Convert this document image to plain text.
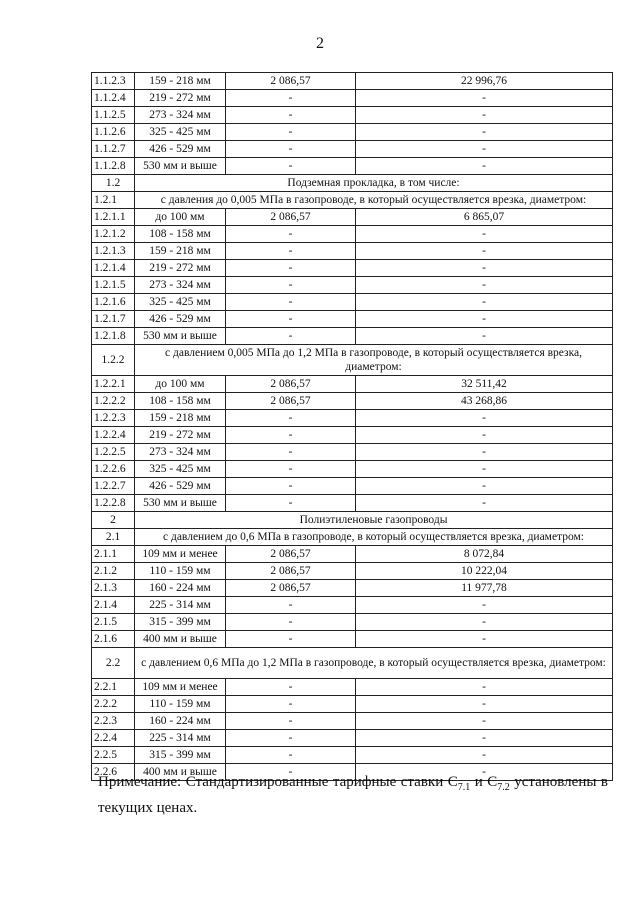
2
1.1.2.3	159 - 218 мм	2 086,57	22 996,76
1.1.2.4	219 - 272 мм	-	-
1.1.2.5	273 - 324 мм	-	-
1.1.2.6	325 - 425 мм	-	-
1.1.2.7	426 - 529 мм	-	-
1.1.2.8	530 мм и выше	-	-
1.2	Подземная прокладка, в том числе:		
1.2.1	с давления до 0,005 МПа в газопроводе, в который осуществляется врезка, диаметром:		
1.2.1.1	до 100 мм	2 086,57	6 865,07
1.2.1.2	108 - 158 мм	-	-
1.2.1.3	159 - 218 мм	-	-
1.2.1.4	219 - 272 мм	-	-
1.2.1.5	273 - 324 мм	-	-
1.2.1.6	325 - 425 мм	-	-
1.2.1.7	426 - 529 мм	-	-
1.2.1.8	530 мм и выше	-	-
1.2.2	с давлением 0,005 МПа до 1,2 МПа в газопроводе, в который осуществляется врезка, диаметром:		
1.2.2.1	до 100 мм	2 086,57	32 511,42
1.2.2.2	108 - 158 мм	2 086,57	43 268,86
1.2.2.3	159 - 218 мм	-	-
1.2.2.4	219 - 272 мм	-	-
1.2.2.5	273 - 324 мм	-	-
1.2.2.6	325 - 425 мм	-	-
1.2.2.7	426 - 529 мм	-	-
1.2.2.8	530 мм и выше	-	-
2	Полиэтиленовые газопроводы		
2.1	с давлением до 0,6 МПа в газопроводе, в который осуществляется врезка, диаметром:		
2.1.1	109 мм и менее	2 086,57	8 072,84
2.1.2	110 - 159 мм	2 086,57	10 222,04
2.1.3	160 - 224 мм	2 086,57	11 977,78
2.1.4	225 - 314 мм	-	-
2.1.5	315 - 399 мм	-	-
2.1.6	400 мм и выше	-	-
2.2	с давлением 0,6 МПа до 1,2 МПа в газопроводе, в который осуществляется врезка, диаметром:		
2.2.1	109 мм и менее	-	-
2.2.2	110 - 159 мм	-	-
2.2.3	160 - 224 мм	-	-
2.2.4	225 - 314 мм	-	-
2.2.5	315 - 399 мм	-	-
2.2.6	400 мм и выше	-	-
Примечание: Стандартизированные тарифные ставки $С_{7.1}$ и $С_{7.2}$ установлены в текущих ценах.
